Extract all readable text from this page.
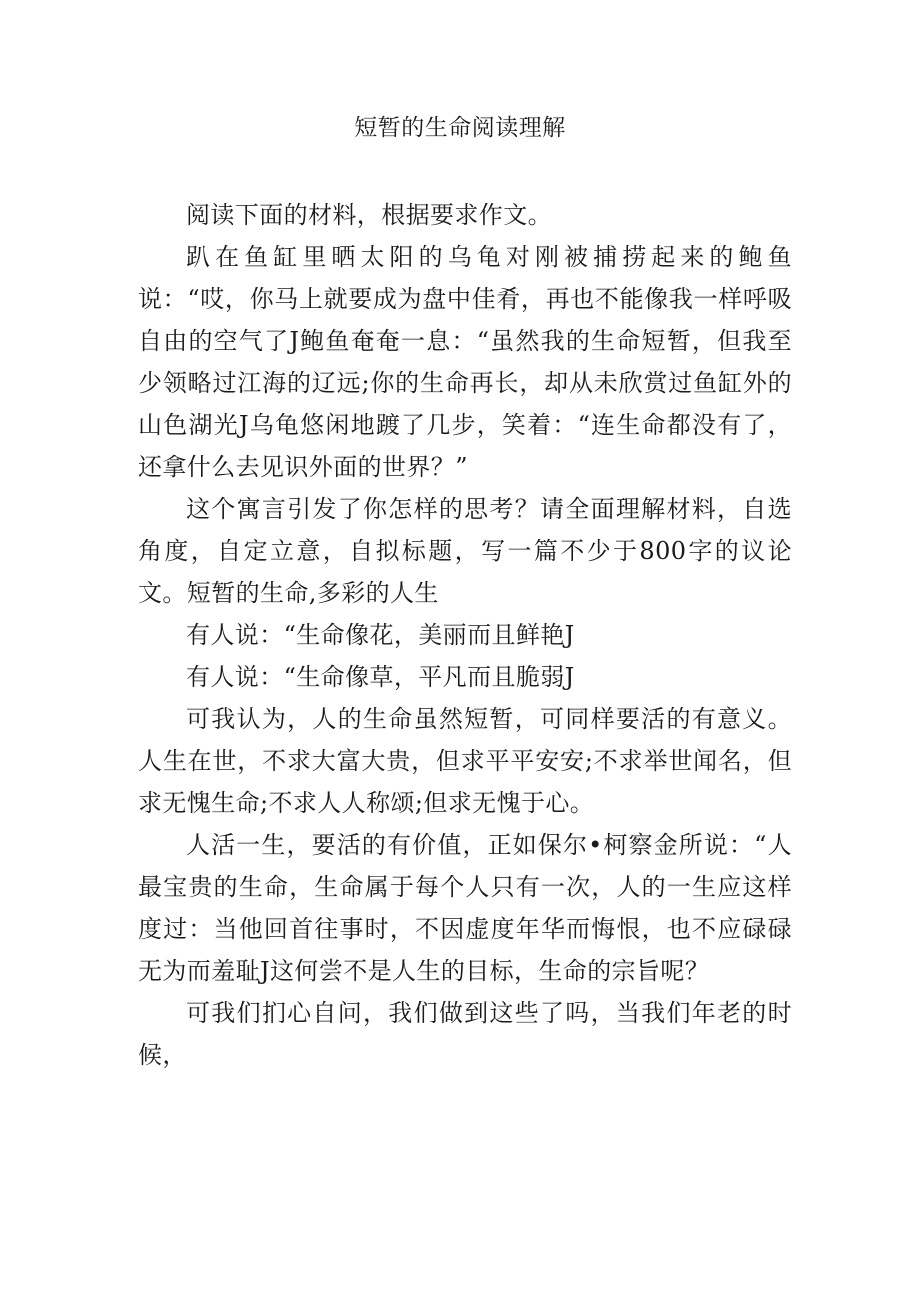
短暂的生命阅读理解

阅读下面的材料，根据要求作文。

趴在鱼缸里晒太阳的乌龟对刚被捕捞起来的鲍鱼说：“哎，你马上就要成为盘中佳肴，再也不能像我一样呼吸自由的空气了J鲍鱼奄奄一息：“虽然我的生命短暂，但我至少领略过江海的辽远;你的生命再长，却从未欣赏过鱼缸外的山色湖光J乌龟悠闲地踱了几步，笑着：“连生命都没有了，还拿什么去见识外面的世界？”

这个寓言引发了你怎样的思考？请全面理解材料，自选角度，自定立意，自拟标题，写一篇不少于800字的议论文。短暂的生命,多彩的人生

有人说：“生命像花，美丽而且鲜艳J

有人说：“生命像草，平凡而且脆弱J

可我认为，人的生命虽然短暂，可同样要活的有意义。人生在世，不求大富大贵，但求平平安安;不求举世闻名，但求无愧生命;不求人人称颂;但求无愧于心。

人活一生，要活的有价值，正如保尔•柯察金所说：“人最宝贵的生命，生命属于每个人只有一次，人的一生应这样度过：当他回首往事时，不因虚度年华而悔恨，也不应碌碌无为而羞耻J这何尝不是人生的目标，生命的宗旨呢？

可我们扪心自问，我们做到这些了吗，当我们年老的时候，
